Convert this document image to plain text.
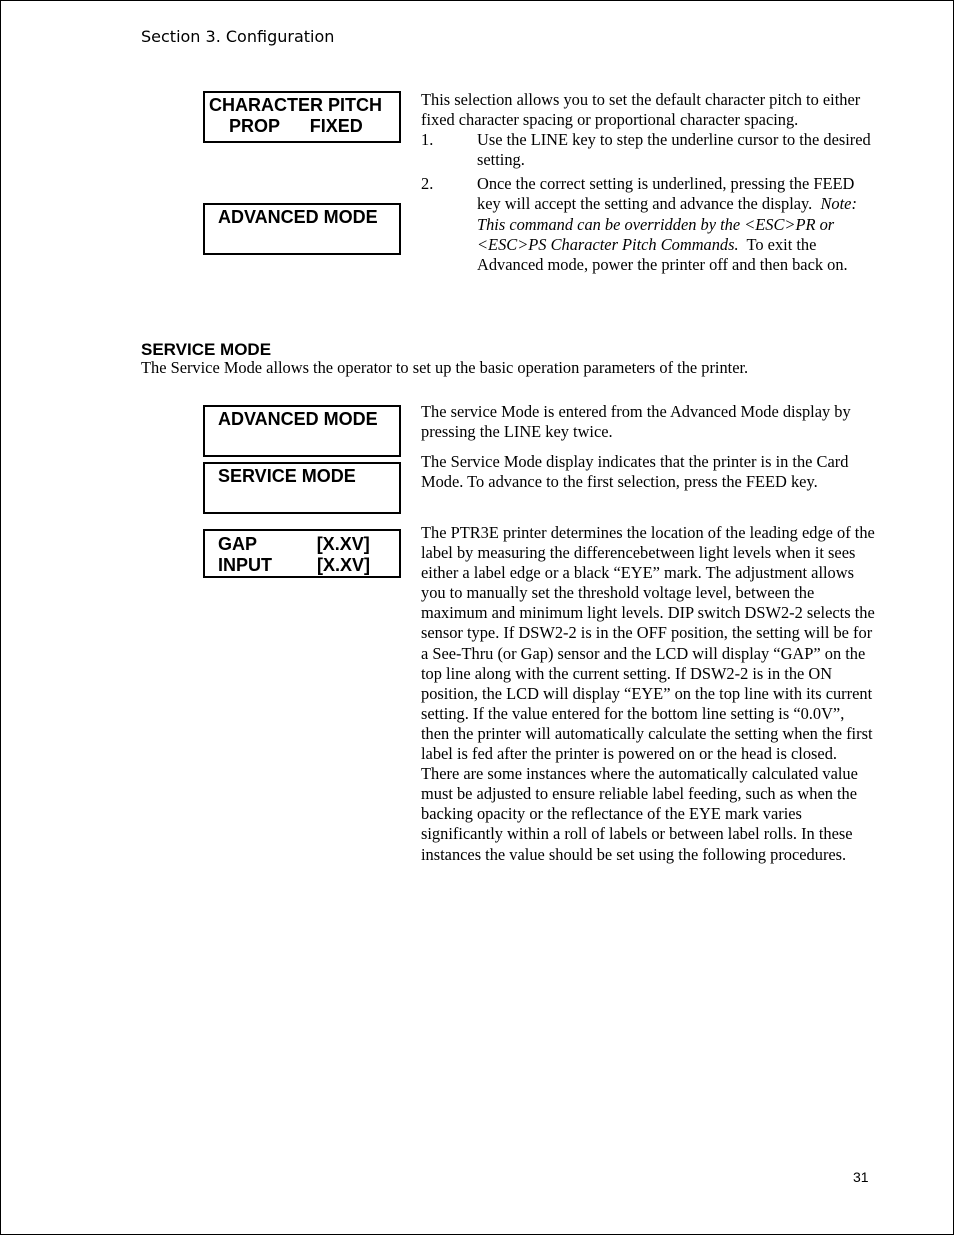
Section 3. Configuration
CHARACTER PITCH
PROP      FIXED
ADVANCED MODE
ADVANCED MODE
SERVICE MODE
GAP            [X.XV]
INPUT         [X.XV]

This selection allows you to set the default character pitch to either fixed character spacing or proportional character spacing.

1.	Use the LINE key to step the underline cursor to the desired setting.
2.	Once the correct setting is underlined, pressing the FEED key will accept the setting and advance the display. Note: This command can be overridden by the <ESC>PR or <ESC>PS Character Pitch Commands. To exit the Advanced mode, power the printer off and then back on.
SERVICE MODE
The Service Mode allows the operator to set up the basic operation parameters of the printer.

The service Mode is entered from the Advanced Mode display by pressing the LINE key twice.

The Service Mode display indicates that the printer is in the Card Mode. To advance to the first selection, press the FEED key.

The PTR3E printer determines the location of the leading edge of the label by measuring the differencebetween light levels when it sees either a label edge or a black “EYE” mark. The adjustment allows you to manually set the threshold voltage level, between the maximum and minimum light levels. DIP switch DSW2-2 selects the sensor type. If DSW2-2 is in the OFF position, the setting will be for a See-Thru (or Gap) sensor and the LCD will display “GAP” on the top line along with the current setting. If DSW2-2 is in the ON position, the LCD will display “EYE” on the top line with its current setting. If the value entered for the bottom line setting is “0.0V”, then the printer will automatically calculate the setting when the first label is fed after the printer is powered on or the head is closed. There are some instances where the automatically calculated value must be adjusted to ensure reliable label feeding, such as when the backing opacity or the reflectance of the EYE mark varies significantly within a roll of labels or between label rolls. In these instances the value should be set using the following procedures.

31
